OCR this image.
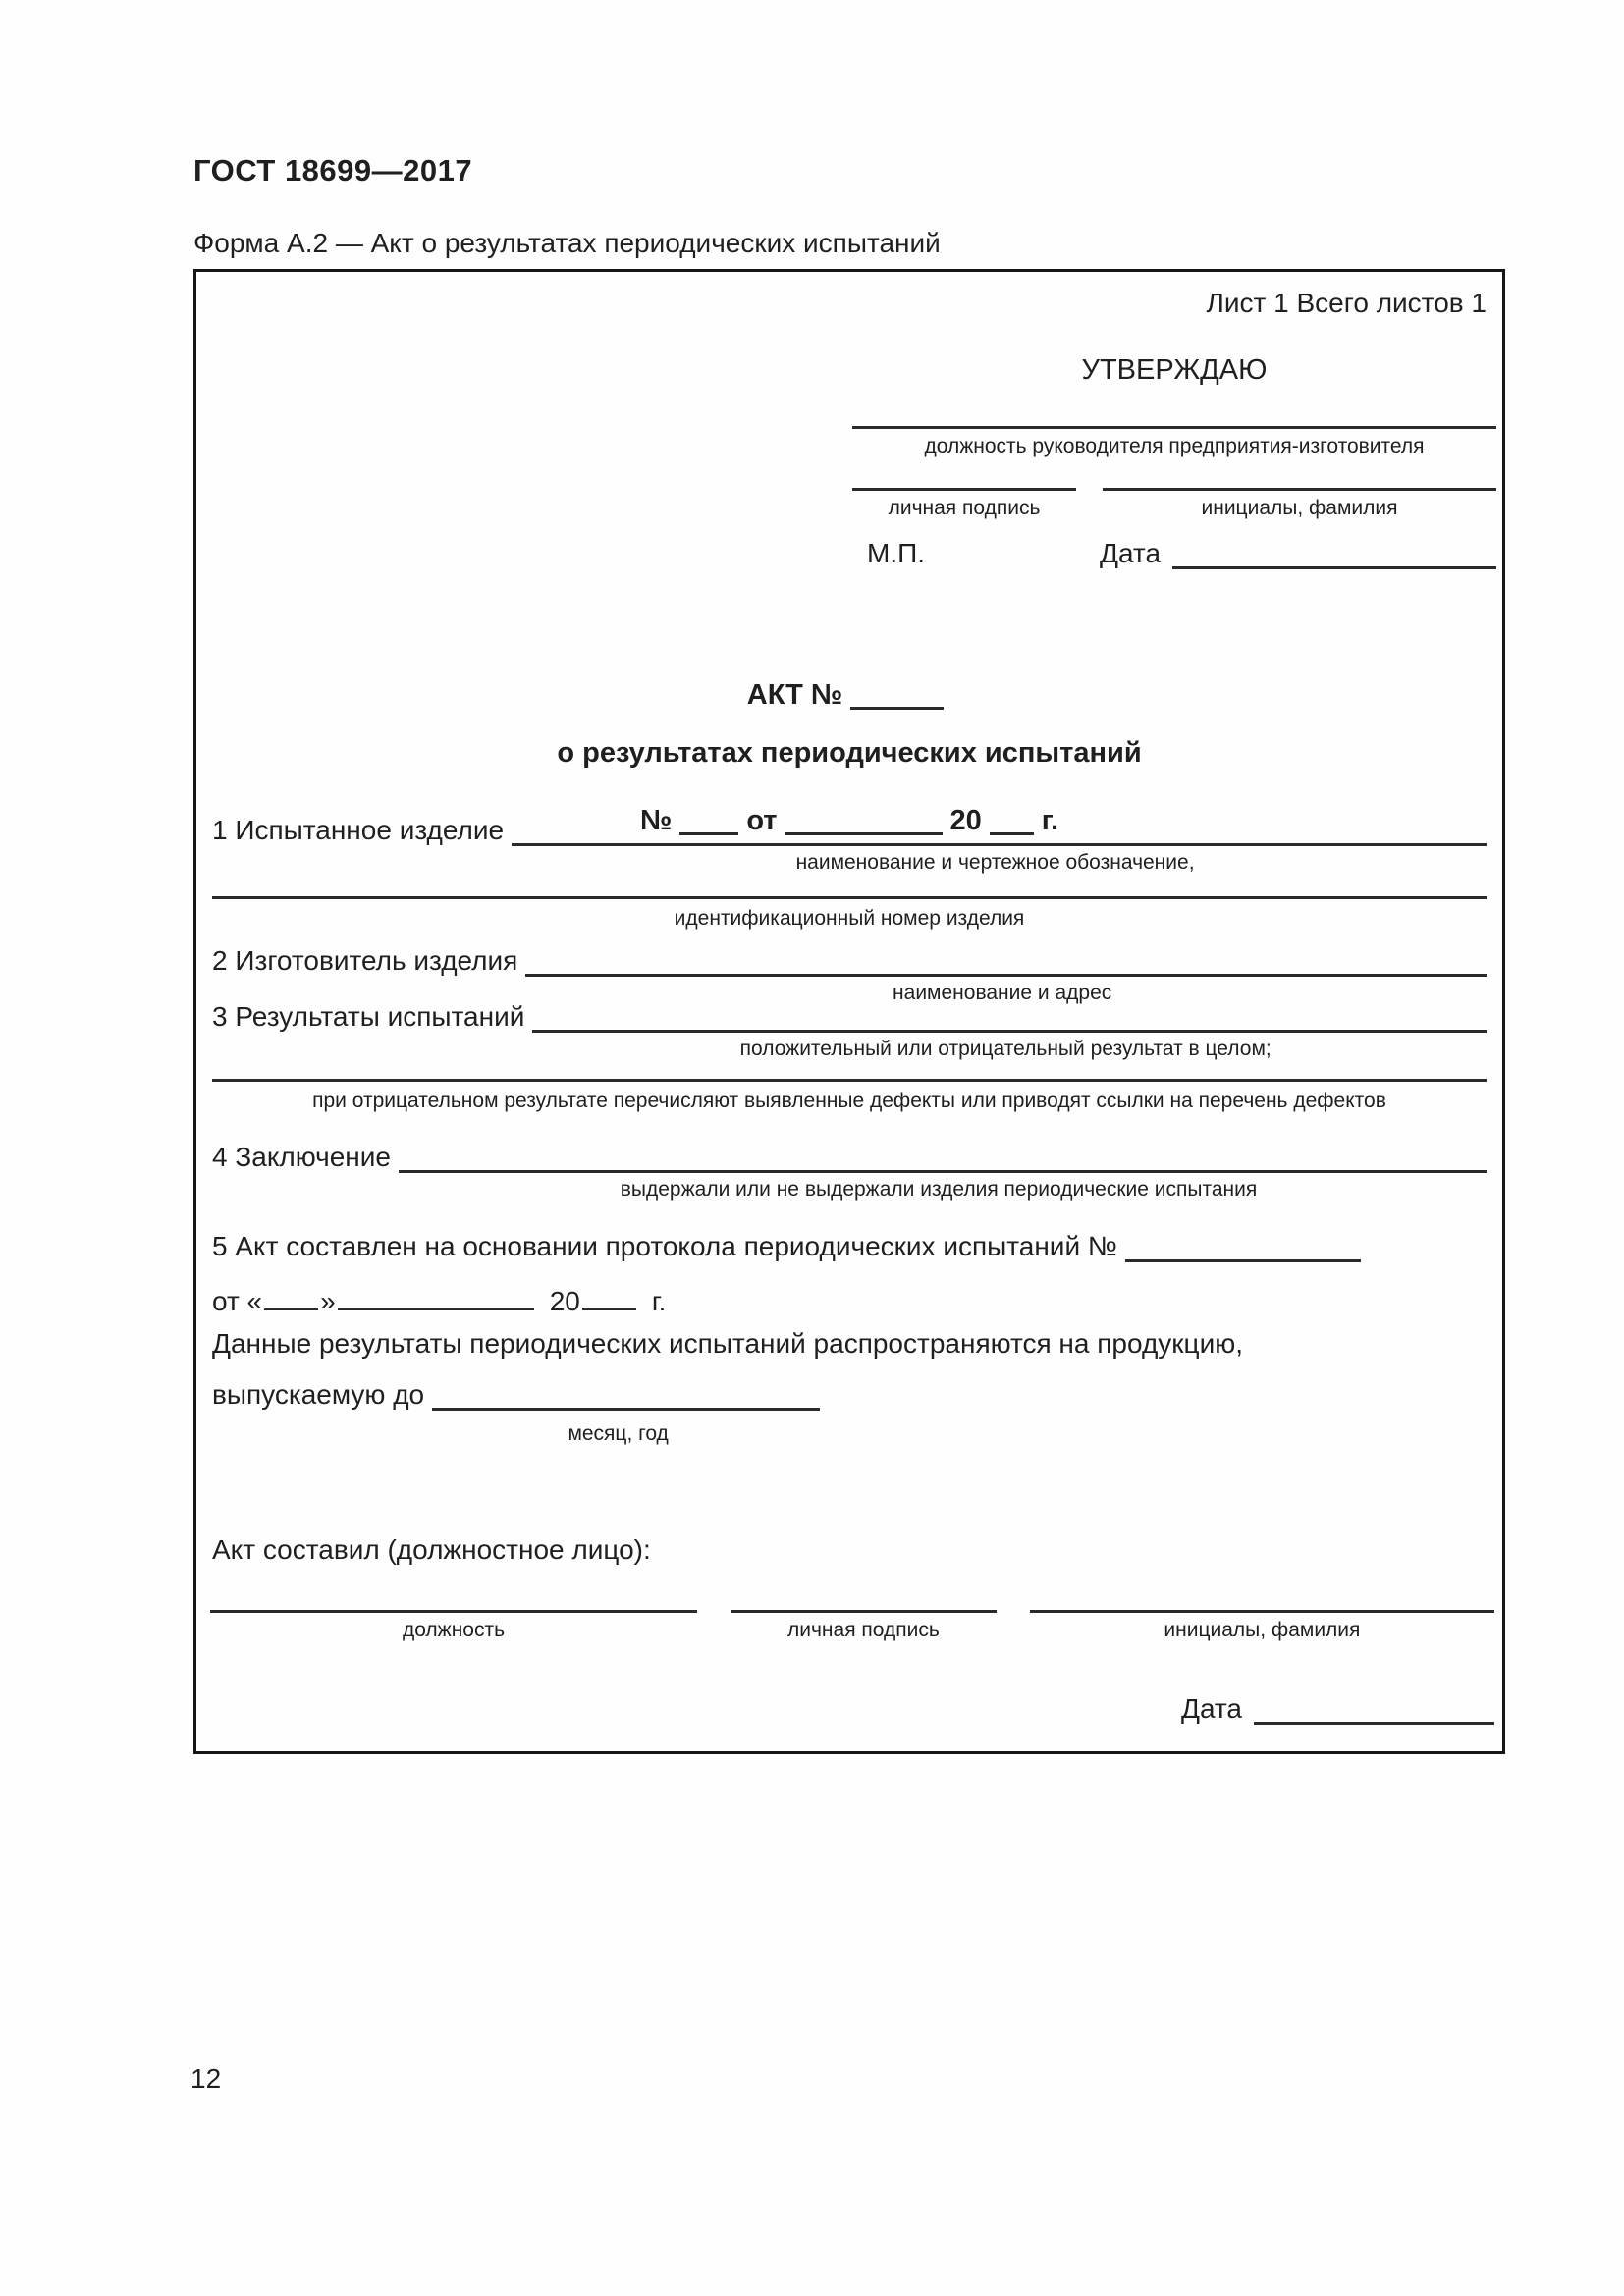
ГОСТ 18699—2017
Форма А.2 — Акт о результатах периодических испытаний
Лист 1 Всего листов 1
УТВЕРЖДАЮ
должность руководителя предприятия-изготовителя
личная подпись	инициалы, фамилия
М.П.	Дата
АКТ №
о результатах периодических испытаний
№	от	20 г.
1 Испытанное изделие
наименование и чертежное обозначение,
идентификационный номер изделия
2 Изготовитель изделия
наименование и адрес
3 Результаты испытаний
положительный или отрицательный результат в целом;
при отрицательном результате перечисляют выявленные дефекты или приводят ссылки на перечень дефектов
4 Заключение
выдержали или не выдержали изделия периодические испытания
5 Акт составлен на основании протокола периодических испытаний №
от « »	20	г.
Данные результаты периодических испытаний распространяются на продукцию,
выпускаемую до
месяц, год
Акт составил (должностное лицо):
должность	личная подпись	инициалы, фамилия
Дата
12
